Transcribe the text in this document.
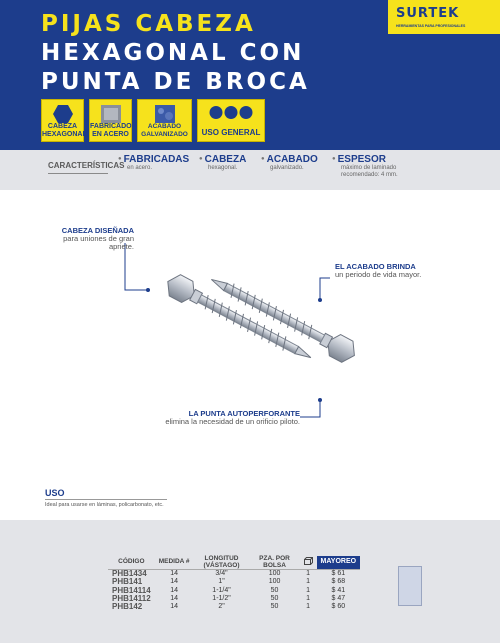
PIJAS CABEZA
HEXAGONAL CON
PUNTA DE BROCA
SURTEK
HERRAMIENTAS PARA PROFESIONALES
CABEZA HEXAGONAL
FABRICADO EN ACERO
ACABADO GALVANIZADO	USO GENERAL
CARACTERÍSTICAS
● FABRICADAS
en acero.
● CABEZA
hexagonal.
● ACABADO
galvanizado.
● ESPESOR
máximo de laminado recomendado: 4 mm.
CABEZA DISEÑADA
para uniones de gran apriete.
EL ACABADO BRINDA
un periodo de vida mayor.
LA PUNTA AUTOPERFORANTE
elimina la necesidad de un orificio piloto.
USO
Ideal para usarse en láminas, policarbonato, etc.
CÓDIGO	MEDIDA #	LONGITUD (VÁSTAGO)	PZA. POR BOLSA		MAYOREO
PHB1434	14	3/4"	100	1	$ 61
PHB141	14	1"	100	1	$ 68
PHB14114	14	1-1/4"	50	1	$ 41
PHB14112	14	1-1/2"	50	1	$ 47
PHB142	14	2"	50	1	$ 60
